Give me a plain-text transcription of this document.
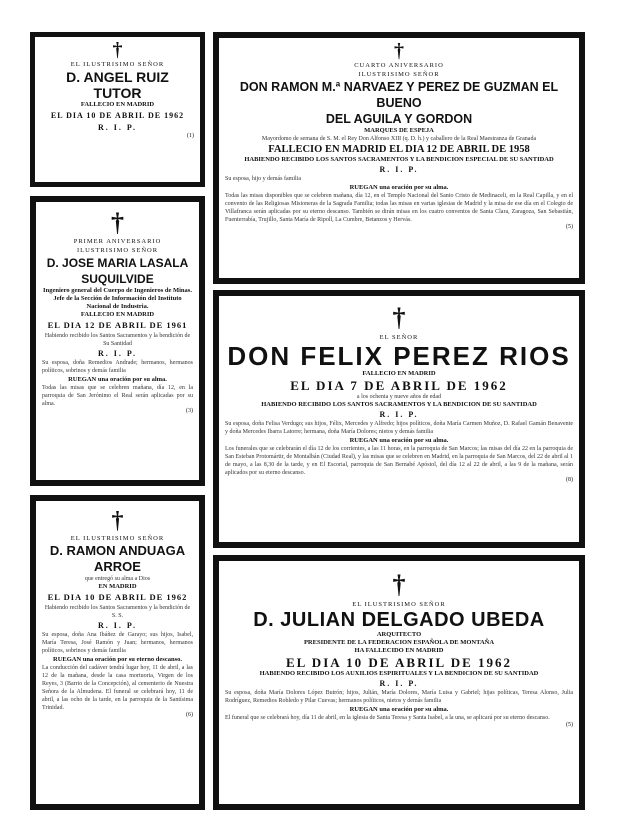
†
EL ILUSTRISIMO SEÑOR
D. ANGEL RUIZ TUTOR
FALLECIO EN MADRID
EL DIA 10 DE ABRIL DE 1962
R. I. P.
(1)
†
CUARTO ANIVERSARIO
ILUSTRISIMO SEÑOR
DON RAMON M.ª NARVAEZ Y PEREZ DE GUZMAN EL BUENO
DEL AGUILA Y GORDON
MARQUES DE ESPEJA
Mayordomo de semana de S. M. el Rey Don Alfonso XIII (q. D. h.) y caballero de la Real Maestranza de Granada
FALLECIO EN MADRID EL DIA 12 DE ABRIL DE 1958
HABIENDO RECIBIDO LOS SANTOS SACRAMENTOS Y LA BENDICION ESPECIAL DE SU SANTIDAD
R. I. P.
Su esposa, hijo y demás familia
RUEGAN una oración por su alma.
Todas las misas disponibles que se celebren mañana, día 12, en el Templo Nacional del Santo Cristo de Medinaceli, en la Real Capilla, y en el convento de las Religiosas Misioneras de la Sagrada Familia; todas las misas en varias iglesias de Madrid y la misa de ese día en el Colegio de Villafranca serán aplicadas por su eterno descanso. También se dirán misas en los cuatro conventos de Santa Clara, Zaragoza, San Sebastián, Fuenterrabía, Trujillo, Santa María de Ripoll, La Cumbre, Betanzos y Hervás.
(5)
†
PRIMER ANIVERSARIO
ILUSTRISIMO SEÑOR
D. JOSE MARIA LASALA
SUQUILVIDE
Ingeniero general del Cuerpo de Ingenieros de Minas. Jefe de la Sección de Información del Instituto Nacional de Industria.
FALLECIO EN MADRID
EL DIA 12 DE ABRIL DE 1961
Habiendo recibido los Santos Sacramentos y la bendición de Su Santidad
R. I. P.
Su esposa, doña Remedios Andrade; hermanos, hermanos políticos, sobrinos y demás familia
RUEGAN una oración por su alma.
Todas las misas que se celebren mañana, día 12, en la parroquia de San Jerónimo el Real serán aplicadas por su alma.
(3)
†
EL SEÑOR
DON FELIX PEREZ RIOS
FALLECIO EN MADRID
EL DIA 7 DE ABRIL DE 1962
a los ochenta y nueve años de edad
HABIENDO RECIBIDO LOS SANTOS SACRAMENTOS Y LA BENDICION DE SU SANTIDAD
R. I. P.
Su esposa, doña Felisa Verdugo; sus hijos, Félix, Mercedes y Alfredo; hijos políticos, doña María Carmen Muñoz, D. Rafael Gamán Benavente y doña Mercedes Ibarra Latorre; hermana, doña María Dolores; nietos y demás familia
RUEGAN una oración por su alma.
Los funerales que se celebrarán el día 12 de los corrientes, a las 11 horas, en la parroquia de San Marcos; las misas del día 22 en la parroquia de San Esteban Protomártir, de Montalbán (Ciudad Real), y las misas que se celebren en Madrid, en la parroquia de San Marcos, del 22 de abril al 1 de mayo, a las 8,30 de la tarde, y en El Escorial, parroquia de San Bernabé Apóstol, del día 12 al 22 de abril, a las 9 de la mañana, serán aplicados por su eterno descanso.
(8)
†
EL ILUSTRISIMO SEÑOR
D. RAMON ANDUAGA
ARROE
que entregó su alma a Dios
EN MADRID
EL DIA 10 DE ABRIL DE 1962
Habiendo recibido los Santos Sacramentos y la bendición de S. S.
R. I. P.
Su esposa, doña Ana Ibáñez de Garayo; sus hijos, Isabel, María Teresa, José Ramón y Juan; hermanos, hermanos políticos, sobrinos y demás familia
RUEGAN una oración por su eterno descanso.
La conducción del cadáver tendrá lugar hoy, 11 de abril, a las 12 de la mañana, desde la casa mortuoria, Virgen de los Reyes, 3 (Barrio de la Concepción), al cementerio de Nuestra Señora de la Almudena. El funeral se celebrará hoy, 11 de abril, a las ocho de la tarde, en la parroquia de la Santísima Trinidad.
(6)
†
EL ILUSTRISIMO SEÑOR
D. JULIAN DELGADO UBEDA
ARQUITECTO
PRESIDENTE DE LA FEDERACION ESPAÑOLA DE MONTAÑA
HA FALLECIDO EN MADRID
EL DIA 10 DE ABRIL DE 1962
HABIENDO RECIBIDO LOS AUXILIOS ESPIRITUALES Y LA BENDICION DE SU SANTIDAD
R. I. P.
Su esposa, doña María Dolores López Butrón; hijos, Julián, María Dolores, María Luisa y Gabriel; hijas políticas, Teresa Alonso, Julia Rodríguez, Remedios Robledo y Pilar Cuevas; hermanos políticos, nietos y demás familia
RUEGAN una oración por su alma.
El funeral que se celebrará hoy, día 11 de abril, en la iglesia de Santa Teresa y Santa Isabel, a la una, se aplicará por su eterno descanso.
(5)
